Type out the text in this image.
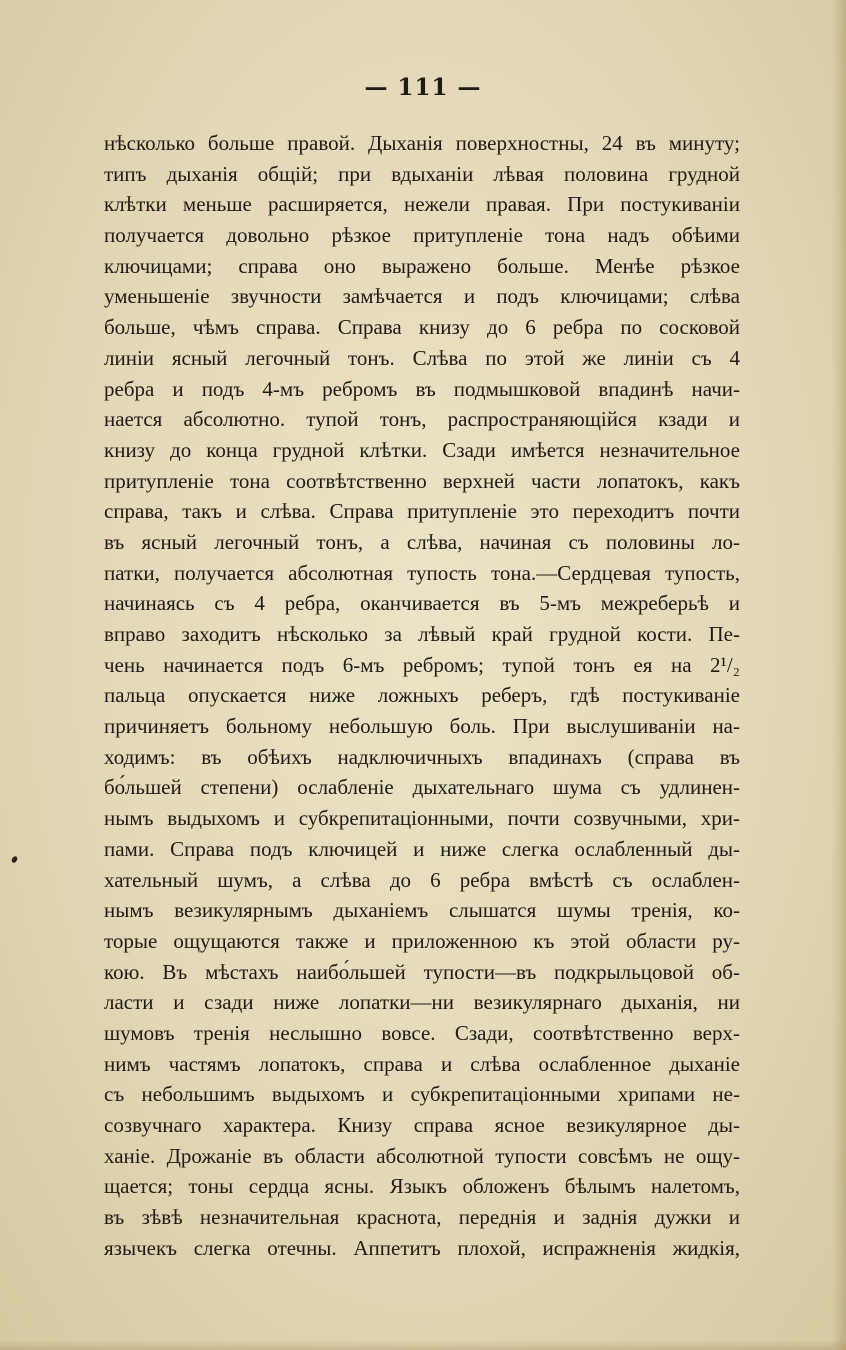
— 111 —
нѣсколько больше правой. Дыханія поверхностны, 24 въ минуту;
типъ дыханія общій; при вдыханіи лѣвая половина грудной
клѣтки меньше расширяется, нежели правая. При постукиваніи
получается довольно рѣзкое притупленіе тона надъ обѣими
ключицами; справа оно выражено больше. Менѣе рѣзкое
уменьшеніе звучности замѣчается и подъ ключицами; слѣва
больше, чѣмъ справа. Справа книзу до 6 ребра по сосковой
линіи ясный легочный тонъ. Слѣва по этой же линіи съ 4
ребра и подъ 4-мъ ребромъ въ подмышковой впадинѣ начи-
нается абсолютно. тупой тонъ, распространяющійся кзади и
книзу до конца грудной клѣтки. Сзади имѣется незначительное
притупленіе тона соотвѣтственно верхней части лопатокъ, какъ
справа, такъ и слѣва. Справа притупленіе это переходитъ почти
въ ясный легочный тонъ, а слѣва, начиная съ половины ло-
патки, получается абсолютная тупость тона.—Сердцевая тупость,
начинаясь съ 4 ребра, оканчивается въ 5-мъ межреберьѣ и
вправо заходитъ нѣсколько за лѣвый край грудной кости. Пе-
чень начинается подъ 6-мъ ребромъ; тупой тонъ ея на 2¹/₂
пальца опускается ниже ложныхъ реберъ, гдѣ постукиваніе
причиняетъ больному небольшую боль. При выслушиваніи на-
ходимъ: въ обѣихъ надключичныхъ впадинахъ (справа въ
бо́льшей степени) ослабленіе дыхательнаго шума съ удлинен-
нымъ выдыхомъ и субкрепитаціонными, почти созвучными, хри-
пами. Справа подъ ключицей и ниже слегка ослабленный ды-
хательный шумъ, а слѣва до 6 ребра вмѣстѣ съ ослаблен-
нымъ везикулярнымъ дыханіемъ слышатся шумы тренія, ко-
торые ощущаются также и приложенною къ этой области ру-
кою. Въ мѣстахъ наибо́льшей тупости—въ подкрыльцовой об-
ласти и сзади ниже лопатки—ни везикулярнаго дыханія, ни
шумовъ тренія неслышно вовсе. Сзади, соотвѣтственно верх-
нимъ частямъ лопатокъ, справа и слѣва ослабленное дыханіе
съ небольшимъ выдыхомъ и субкрепитаціонными хрипами не-
созвучнаго характера. Книзу справа ясное везикулярное ды-
ханіе. Дрожаніе въ области абсолютной тупости совсѣмъ не ощу-
щается; тоны сердца ясны. Языкъ обложенъ бѣлымъ налетомъ,
въ зѣвѣ незначительная краснота, переднія и заднія дужки и
язычекъ слегка отечны. Аппетитъ плохой, испражненія жидкія,
